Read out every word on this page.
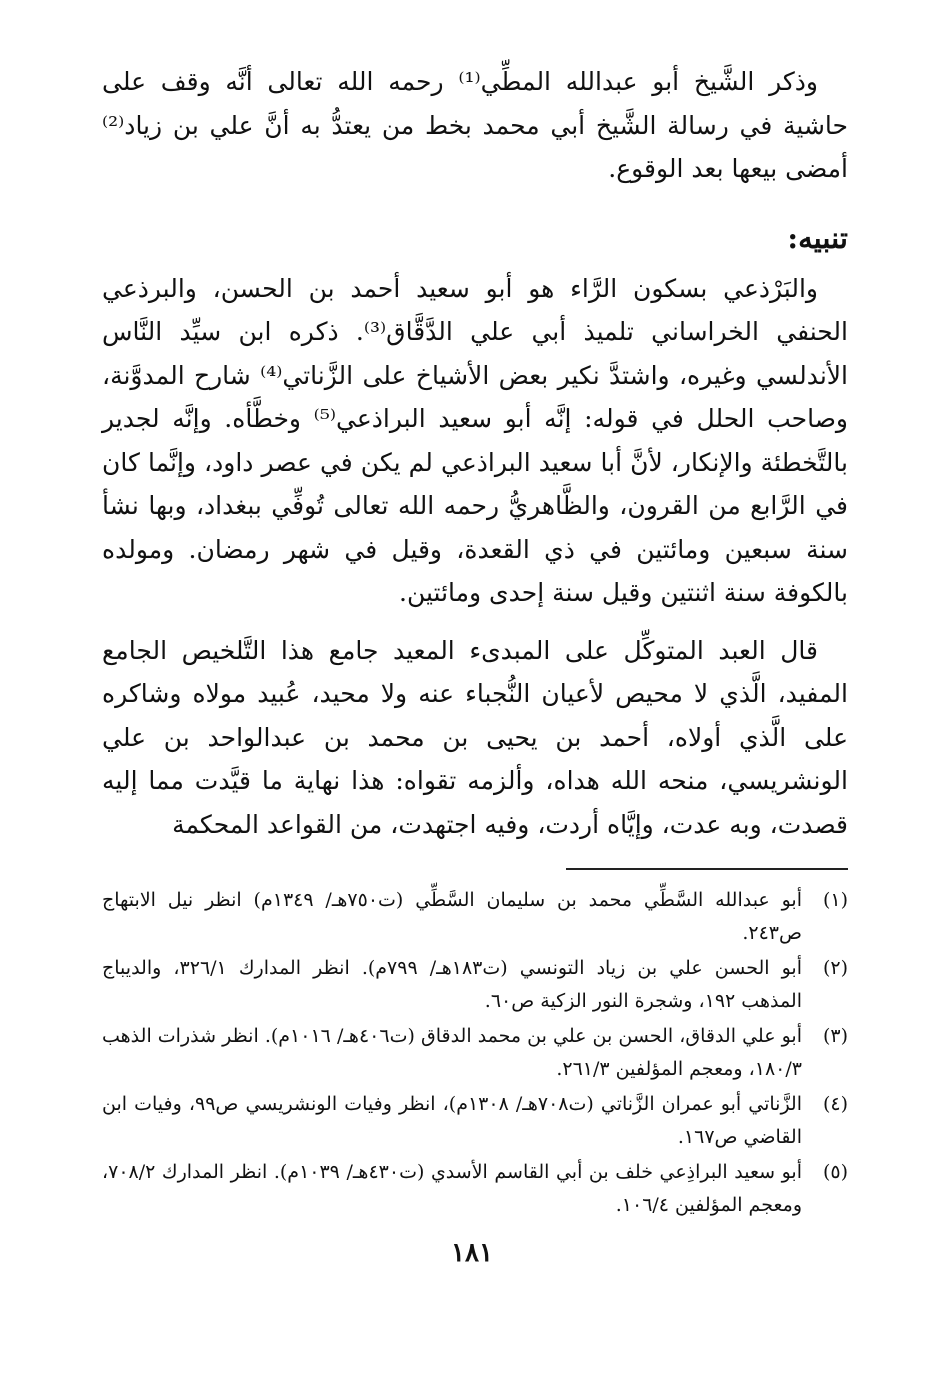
وذكر الشَّيخ أبو عبدالله المطِّي⁽¹⁾ رحمه الله تعالى أنَّه وقف على حاشية في رسالة الشَّيخ أبي محمد بخط من يعتدُّ به أنَّ علي بن زياد⁽²⁾ أمضى بيعها بعد الوقوع.

تنبيه:

والبَرْذعي بسكون الرَّاء هو أبو سعيد أحمد بن الحسن، والبرذعي الحنفي الخراساني تلميذ أبي علي الدَّقَّاق⁽³⁾. ذكره ابن سيِّد النَّاس الأندلسي وغيره، واشتدَّ نكير بعض الأشياخ على الزَّناتي⁽⁴⁾ شارح المدوَّنة، وصاحب الحلل في قوله: إنَّه أبو سعيد البراذعي⁽⁵⁾ وخطَّأه. وإنَّه لجدير بالتَّخطئة والإنكار، لأنَّ أبا سعيد البراذعي لم يكن في عصر داود، وإنَّما كان في الرَّابع من القرون، والظَّاهريُّ رحمه الله تعالى تُوفِّي ببغداد، وبها نشأ سنة سبعين ومائتين في ذي القعدة، وقيل في شهر رمضان. ومولده بالكوفة سنة اثنتين وقيل سنة إحدى ومائتين.

قال العبد المتوكِّل على المبدىء المعيد جامع هذا التَّلخيص الجامع المفيد، الَّذي لا محيص لأعيان النُّجباء عنه ولا محيد، عُبيد مولاه وشاكره على الَّذي أولاه، أحمد بن يحيى بن محمد بن عبدالواحد بن علي الونشريسي، منحه الله هداه، وألزمه تقواه: هذا نهاية ما قيَّدت مما إليه قصدت، وبه عدت، وإيَّاه أردت، وفيه اجتهدت، من القواعد المحكمة

(١)
أبو عبدالله السَّطِّي محمد بن سليمان السَّطِّي (ت٧٥٠هـ/ ١٣٤٩م) انظر نيل الابتهاج ص٢٤٣.
(٢)
أبو الحسن علي بن زياد التونسي (ت١٨٣هـ/ ٧٩٩م). انظر المدارك ٣٢٦/١، والديباج المذهب ١٩٢، وشجرة النور الزكية ص٦٠.
(٣)
أبو علي الدقاق، الحسن بن علي بن محمد الدقاق (ت٤٠٦هـ/ ١٠١٦م). انظر شذرات الذهب ١٨٠/٣، ومعجم المؤلفين ٢٦١/٣.
(٤)
الزَّناتي أبو عمران الزَّناتي (ت٧٠٨هـ/ ١٣٠٨م)، انظر وفيات الونشريسي ص٩٩، وفيات ابن القاضي ص١٦٧.
(٥)
أبو سعيد البراذِعي خلف بن أبي القاسم الأسدي (ت٤٣٠هـ/ ١٠٣٩م). انظر المدارك ٧٠٨/٢، ومعجم المؤلفين ١٠٦/٤.
١٨١
